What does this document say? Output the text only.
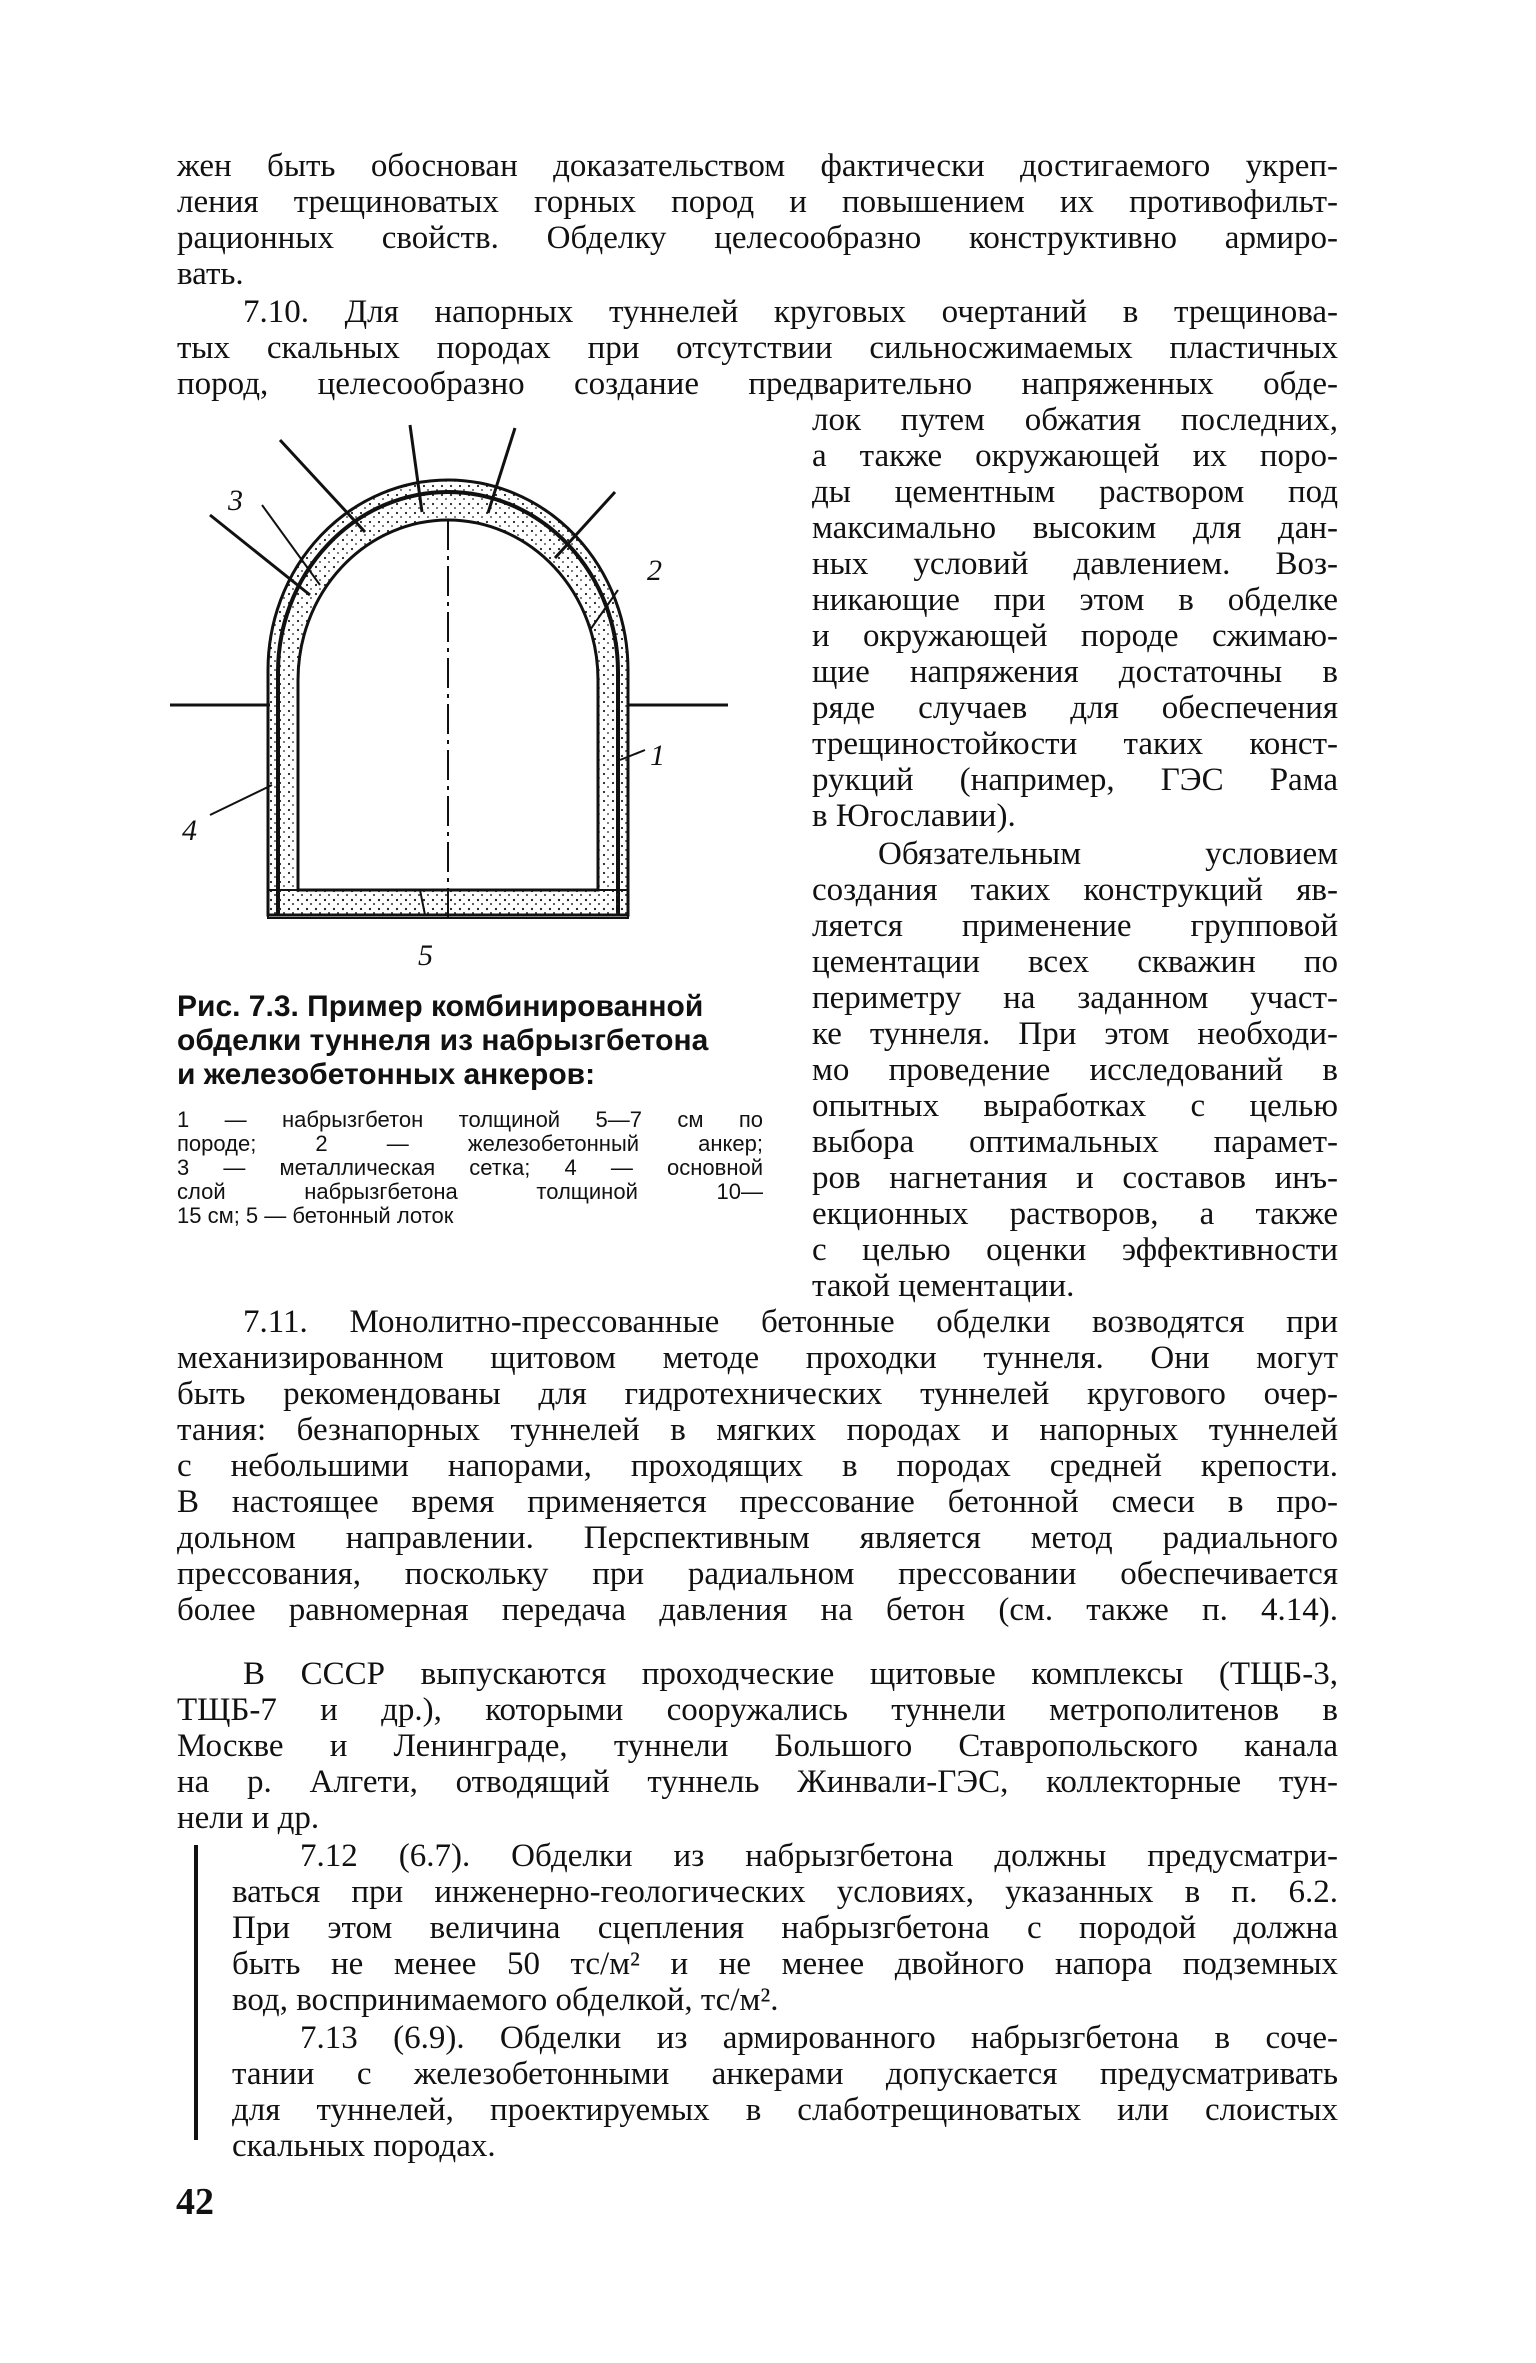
жен быть обоснован доказательством фактически достигаемого укреп-
ления трещиноватых горных пород и повышением их противофильт-
рационных свойств. Обделку целесообразно конструктивно армиро-
вать.
7.10. Для напорных туннелей круговых очертаний в трещинова-
тых скальных породах при отсутствии сильносжимаемых пластичных
пород, целесообразно создание предварительно напряженных обде-
лок путем обжатия последних,
а также окружающей их поро-
ды цементным раствором под
максимально высоким для дан-
ных условий давлением. Воз-
никающие при этом в обделке
и окружающей породе сжимаю-
щие напряжения достаточны в
ряде случаев для обеспечения
трещиностойкости таких конст-
рукций (например, ГЭС Рама
в Югославии).
Обязательным условием
создания таких конструкций яв-
ляется применение групповой
цементации всех скважин по
периметру на заданном участ-
ке туннеля. При этом необходи-
мо проведение исследований в
опытных выработках с целью
выбора оптимальных парамет-
ров нагнетания и составов инъ-
екционных растворов, а также
с целью оценки эффективности
такой цементации.
3
2
1
4
5
Рис. 7.3. Пример комбинированной
обделки туннеля из набрызгбетона
и железобетонных анкеров:
1 — набрызгбетон толщиной 5—7 см по
породе; 2 — железобетонный анкер;
3 — металлическая сетка; 4 — основной
слой набрызгбетона толщиной 10—
15 см; 5 — бетонный лоток
7.11. Монолитно-прессованные бетонные обделки возводятся при
механизированном щитовом методе проходки туннеля. Они могут
быть рекомендованы для гидротехнических туннелей кругового очер-
тания: безнапорных туннелей в мягких породах и напорных туннелей
с небольшими напорами, проходящих в породах средней крепости.
В настоящее время применяется прессование бетонной смеси в про-
дольном направлении. Перспективным является метод радиального
прессования, поскольку при радиальном прессовании обеспечивается
более равномерная передача давления на бетон (см. также п. 4.14).
В СССР выпускаются проходческие щитовые комплексы (ТЩБ-3,
ТЩБ-7 и др.), которыми сооружались туннели метрополитенов в
Москве и Ленинграде, туннели Большого Ставропольского канала
на р. Алгети, отводящий туннель Жинвали-ГЭС, коллекторные тун-
нели и др.
7.12 (6.7). Обделки из набрызгбетона должны предусматри-
ваться при инженерно-геологических условиях, указанных в п. 6.2.
При этом величина сцепления набрызгбетона с породой должна
быть не менее 50 тс/м² и не менее двойного напора подземных
вод, воспринимаемого обделкой, тс/м².
7.13 (6.9). Обделки из армированного набрызгбетона в соче-
тании с железобетонными анкерами допускается предусматривать
для туннелей, проектируемых в слаботрещиноватых или слоистых
скальных породах.
42
